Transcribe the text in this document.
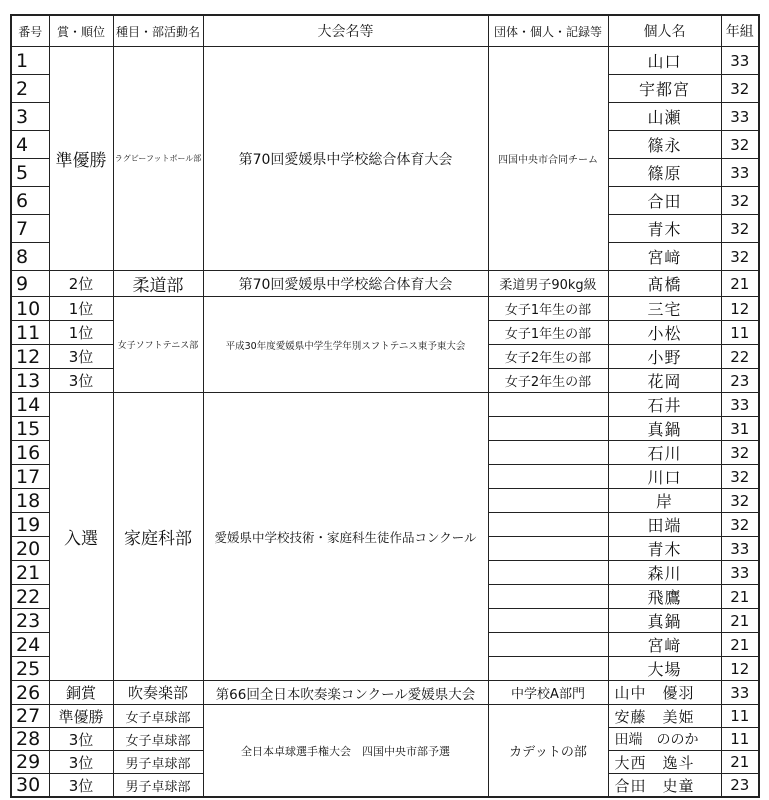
番号	賞・順位	種目・部活動名	大会名等	団体・個人・記録等	個人名	年組
1	準優勝	ラグビーフットボール部	第70回愛媛県中学校総合体育大会	四国中央市合同チーム	山口	33
2					宇都宮	32
3					山瀬	33
4					篠永	32
5					篠原	33
6					合田	32
7					青木	32
8					宮﨑	32
9	2位	柔道部	第70回愛媛県中学校総合体育大会	柔道男子90kg級	髙橋	21
10	1位	女子ソフトテニス部	平成30年度愛媛県中学生学年別スフトテニス東予東大会	女子1年生の部	三宅	12
11	1位			女子1年生の部	小松	11
12	3位			女子2年生の部	小野	22
13	3位			女子2年生の部	花岡	23
14	入選	家庭科部	愛媛県中学校技術・家庭科生徒作品コンクール		石井	33
15					真鍋	31
16					石川	32
17					川口	32
18					岸	32
19					田端	32
20					青木	33
21					森川	33
22					飛鷹	21
23					真鍋	21
24					宮﨑	21
25					大場	12
26	銅賞	吹奏楽部	第66回全日本吹奏楽コンクール愛媛県大会	中学校A部門	山中　優羽	33
27	準優勝	女子卓球部	全日本卓球選手権大会　四国中央市部予選	カデットの部	安藤　美姫	11
28	3位	女子卓球部			田端　ののか	11
29	3位	男子卓球部			大西　逸斗	21
30	3位	男子卓球部			合田　史童	23
